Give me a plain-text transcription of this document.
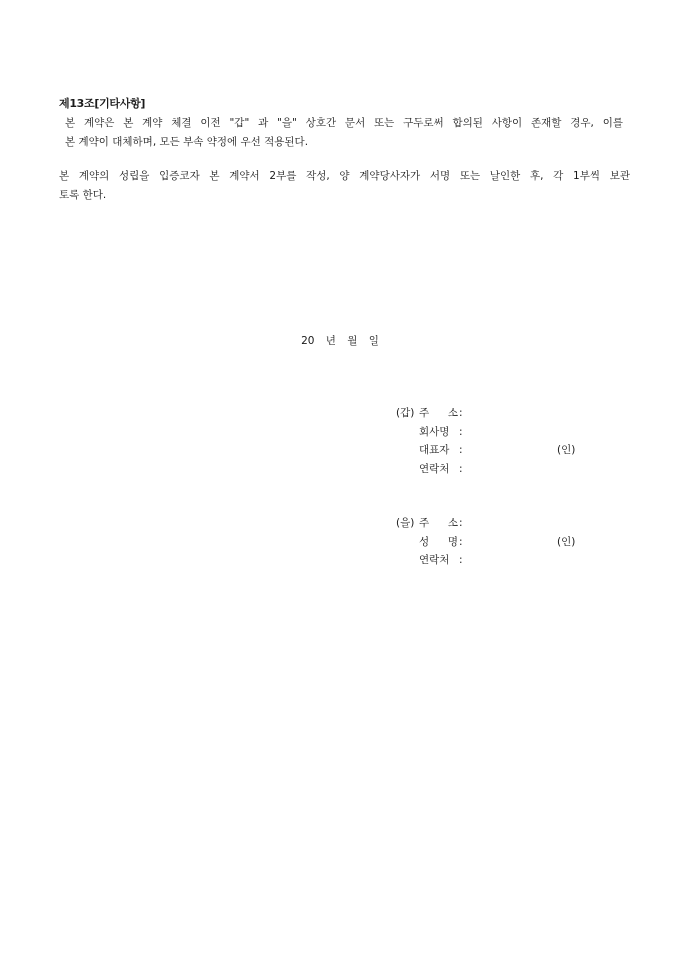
제13조[기타사항]
본 계약은 본 계약 체결 이전 "갑" 과 "을" 상호간 문서 또는 구두로써 합의된 사항이 존재할 경우, 이를
본 계약이 대체하며, 모든 부속 약정에 우선 적용된다.
본 계약의 성립을 입증코자 본 계약서 2부를 작성, 양 계약당사자가 서명 또는 날인한 후, 각 1부씩 보관
토록 한다.
20 년 월 일
(갑) 주 소 :
회사명 :
대표자 :	(인)
연락처 :
(을) 주 소 :
성 명 :	(인)
연락처 :
